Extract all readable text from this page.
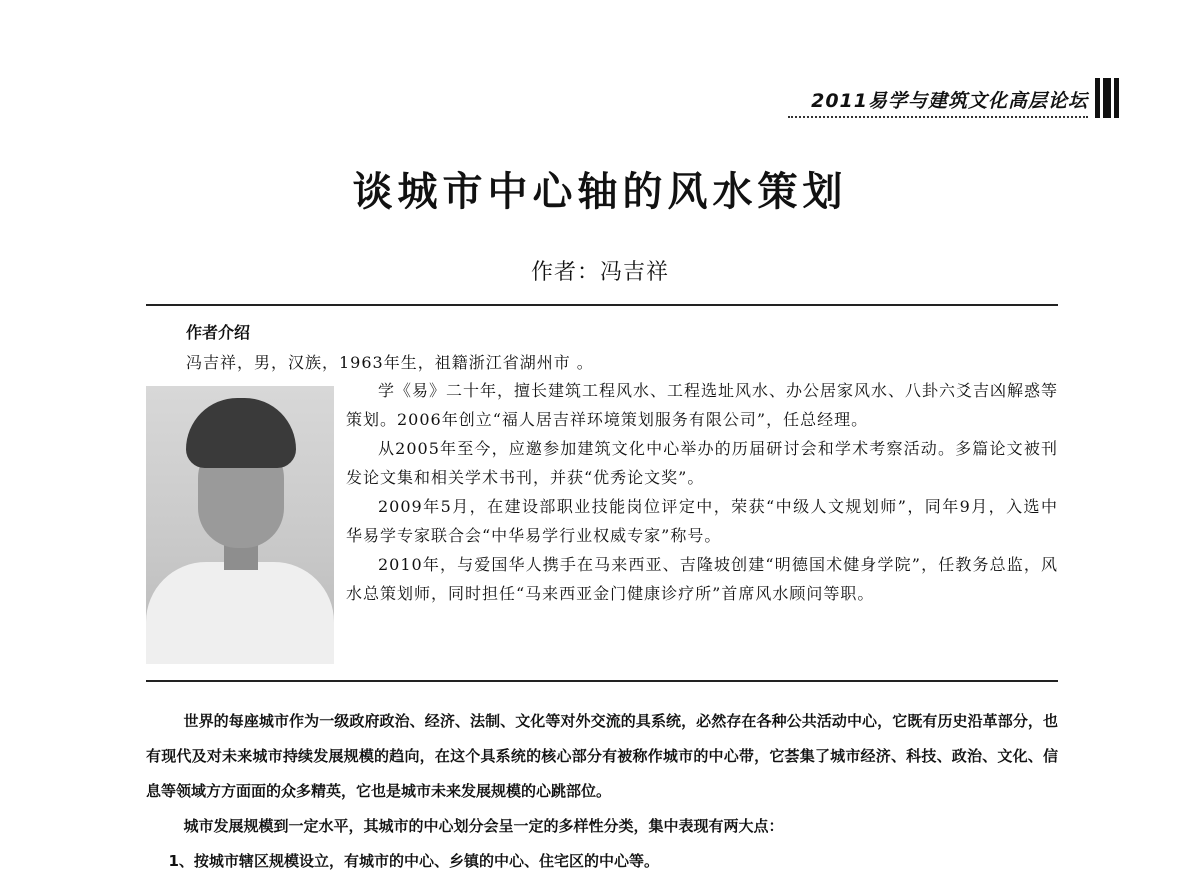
2011易学与建筑文化高层论坛
谈城市中心轴的风水策划
作者：冯吉祥
作者介绍
冯吉祥，男，汉族，1963年生，祖籍浙江省湖州市 。

学《易》二十年，擅长建筑工程风水、工程选址风水、办公居家风水、八卦六爻吉凶解惑等策划。2006年创立“福人居吉祥环境策划服务有限公司”，任总经理。

从2005年至今，应邀参加建筑文化中心举办的历届研讨会和学术考察活动。多篇论文被刊发论文集和相关学术书刊，并获“优秀论文奖”。

2009年5月，在建设部职业技能岗位评定中，荣获“中级人文规划师”，同年9月，入选中华易学专家联合会“中华易学行业权威专家”称号。

2010年，与爱国华人携手在马来西亚、吉隆坡创建“明德国术健身学院”，任教务总监，风水总策划师，同时担任“马来西亚金门健康诊疗所”首席风水顾问等职。

世界的每座城市作为一级政府政治、经济、法制、文化等对外交流的具系统，必然存在各种公共活动中心，它既有历史沿革部分，也有现代及对未来城市持续发展规模的趋向，在这个具系统的核心部分有被称作城市的中心带，它荟集了城市经济、科技、政治、文化、信息等领域方方面面的众多精英，它也是城市未来发展规模的心跳部位。

城市发展规模到一定水平，其城市的中心划分会呈一定的多样性分类，集中表现有两大点：

1、按城市辖区规模设立，有城市的中心、乡镇的中心、住宅区的中心等。
